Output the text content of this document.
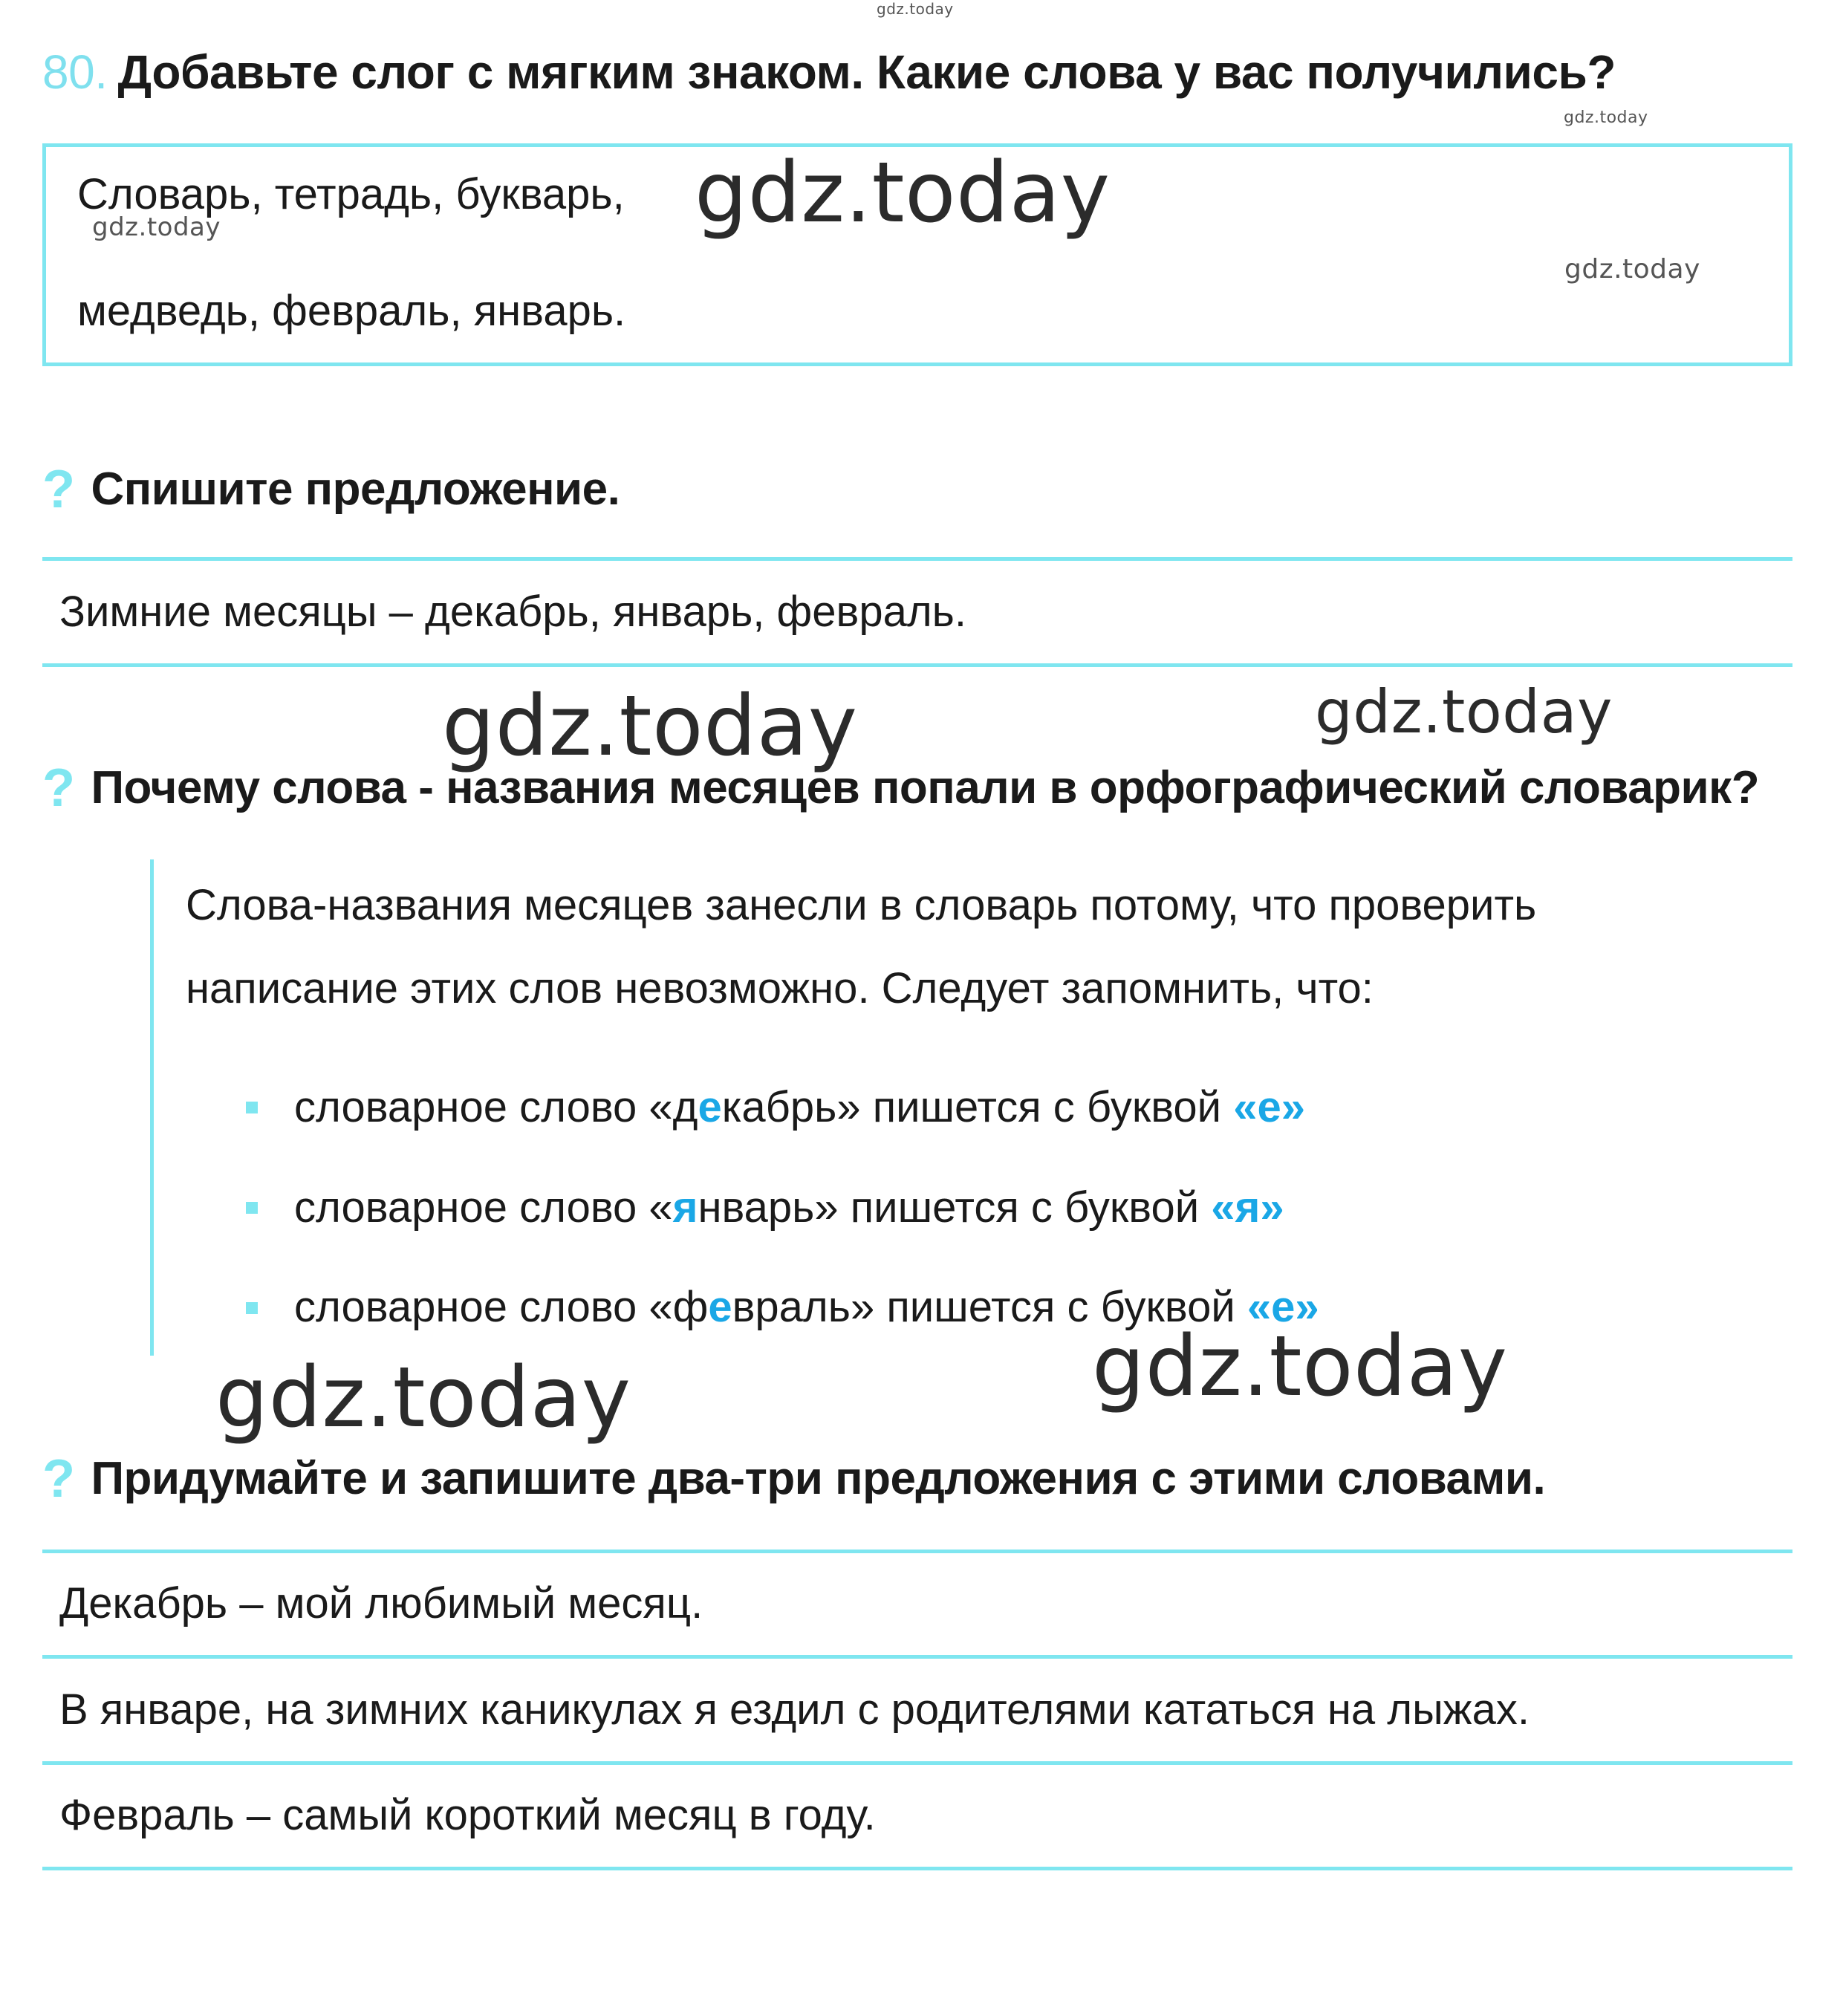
gdz.today
gdz.today
80. Добавьте слог с мягким знаком. Какие слова у вас получились?
Словарь, тетрадь, букварь, gdz.today
gdz.today
gdz.today
медведь, февраль, январь.
? Спишите предложение.
Зимние месяцы – декабрь, январь, февраль.
gdz.today	gdz.today
? Почему слова - названия месяцев попали в орфографический словарик?
Слова-названия месяцев занесли в словарь потому, что проверить
написание этих слов невозможно. Следует запомнить, что:
словарное слово «декабрь» пишется с буквой «е»
словарное слово «январь» пишется с буквой «я»
словарное слово «февраль» пишется с буквой «е»
gdz.today	gdz.today
? Придумайте и запишите два-три предложения с этими словами.
Декабрь – мой любимый месяц.
В январе, на зимних каникулах я ездил с родителями кататься на лыжах.
Февраль – самый короткий месяц в году.
